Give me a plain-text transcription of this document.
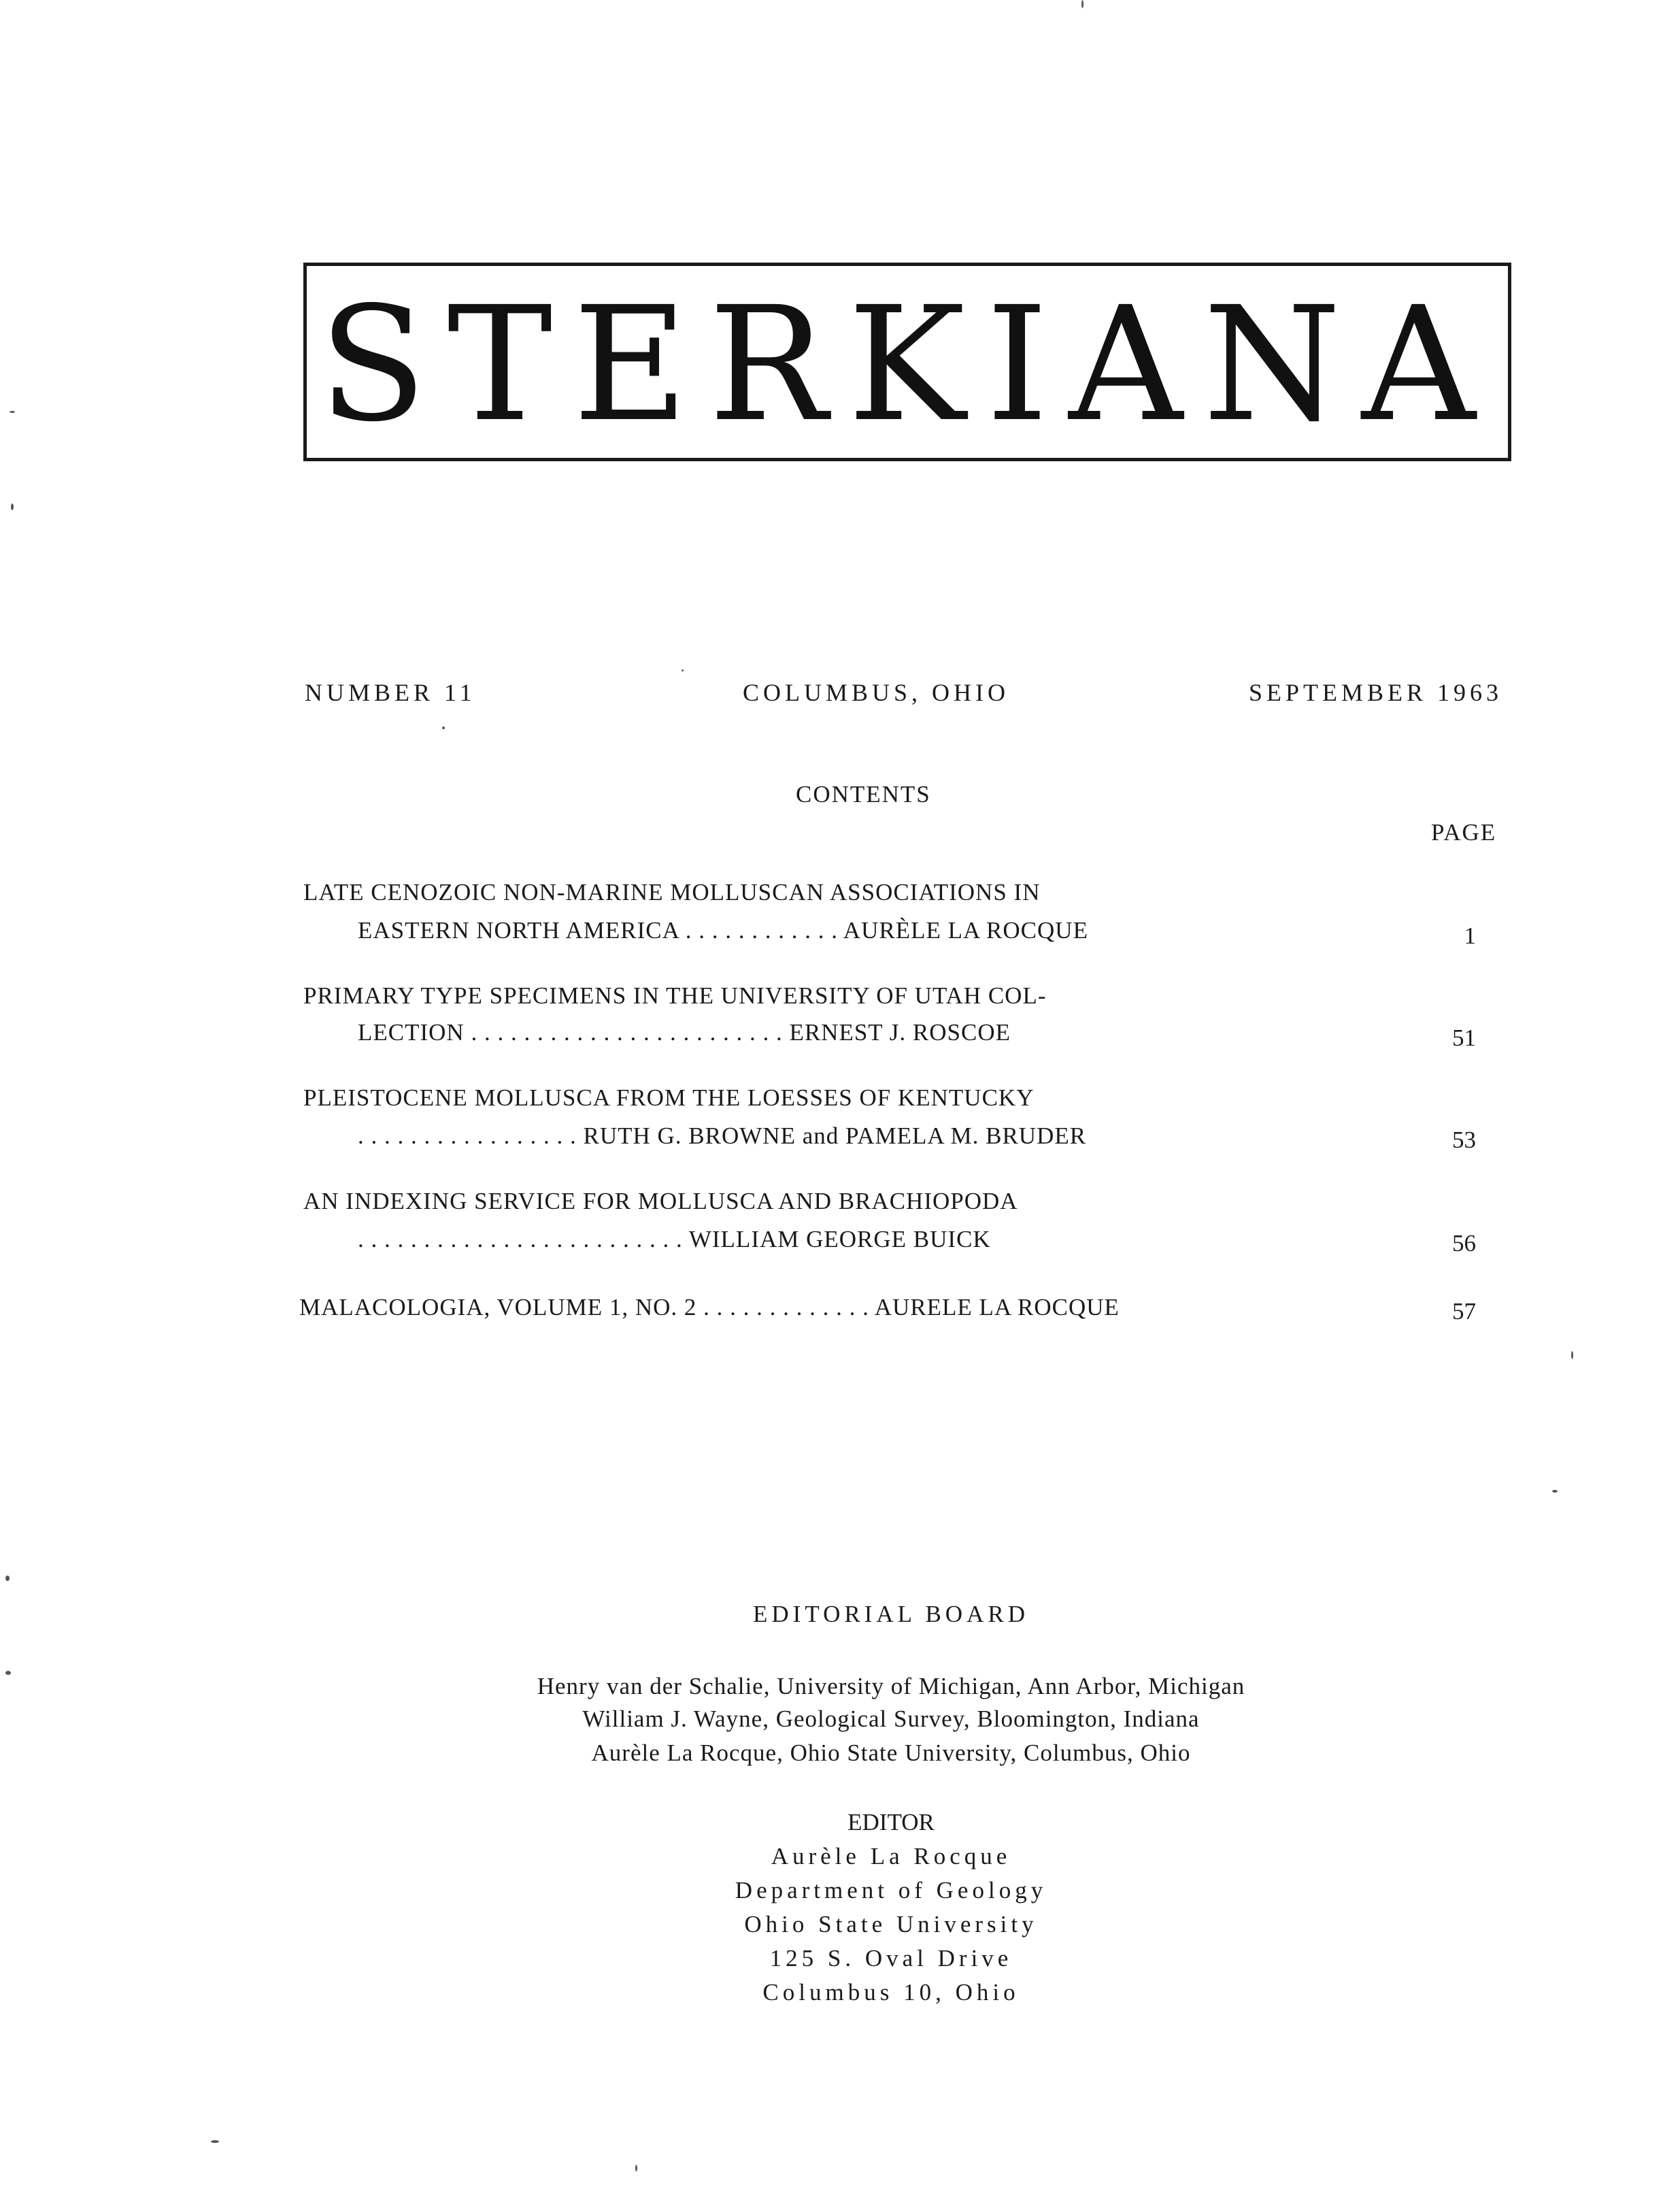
STERKIANA
NUMBER 11	COLUMBUS, OHIO	SEPTEMBER 1963
CONTENTS
PAGE
LATE CENOZOIC NON-MARINE MOLLUSCAN ASSOCIATIONS IN
EASTERN NORTH AMERICA . . . . . . . . . . . . AURÈLE LA ROCQUE	1
PRIMARY TYPE SPECIMENS IN THE UNIVERSITY OF UTAH COL-
LECTION . . . . . . . . . . . . . . . . . . . . . . . . ERNEST J. ROSCOE	51
PLEISTOCENE MOLLUSCA FROM THE LOESSES OF KENTUCKY
. . . . . . . . . . . . . . . . . RUTH G. BROWNE and PAMELA M. BRUDER	53
AN INDEXING SERVICE FOR MOLLUSCA AND BRACHIOPODA
. . . . . . . . . . . . . . . . . . . . . . . . . WILLIAM GEORGE BUICK	56
MALACOLOGIA, VOLUME 1, NO. 2 . . . . . . . . . . . . . AURELE LA ROCQUE	57
EDITORIAL BOARD
Henry van der Schalie, University of Michigan, Ann Arbor, Michigan
William J. Wayne, Geological Survey, Bloomington, Indiana
Aurèle La Rocque, Ohio State University, Columbus, Ohio
EDITOR
Aurèle La Rocque
Department of Geology
Ohio State University
125 S. Oval Drive
Columbus 10, Ohio
